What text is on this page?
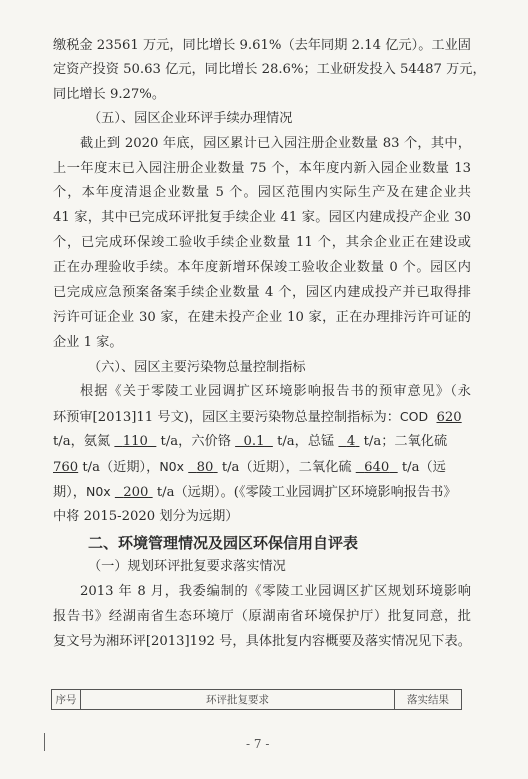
缴税金 23561 万元，同比增长 9.61%（去年同期 2.14 亿元）。工业固
定资产投资 50.63 亿元，同比增长 28.6%；工业研发投入 54487 万元，
同比增长 9.27%。
（五）、园区企业环评手续办理情况
截止到 2020 年底，园区累计已入园注册企业数量 83 个，其中，
上一年度末已入园注册企业数量 75 个，本年度内新入园企业数量 13
个，本年度清退企业数量 5 个。园区范围内实际生产及在建企业共
41 家，其中已完成环评批复手续企业 41 家。园区内建成投产企业 30
个，已完成环保竣工验收手续企业数量 11 个，其余企业正在建设或
正在办理验收手续。本年度新增环保竣工验收企业数量 0 个。园区内
已完成应急预案备案手续企业数量 4 个，园区内建成投产并已取得排
污许可证企业 30 家，在建未投产企业 10 家，正在办理排污许可证的
企业 1 家。
（六）、园区主要污染物总量控制指标
根据《关于零陵工业园调扩区环境影响报告书的预审意见》（永
环预审[2013]11 号文)，园区主要污染物总量控制指标为：COD 620
t/a，氨氮 110 t/a，六价铬 0.1 t/a，总锰 4 t/a；二氧化硫
760 t/a（近期），N0x 80 t/a（近期），二氧化硫 640 t/a（远
期），N0x 200 t/a（远期）。(《零陵工业园调扩区环境影响报告书》
中将 2015-2020 划分为远期）
二、环境管理情况及园区环保信用自评表
（一）规划环评批复要求落实情况
2013 年 8 月，我委编制的《零陵工业园调区扩区规划环境影响
报告书》经湖南省生态环境厅（原湖南省环境保护厅）批复同意，批
复文号为湘环评[2013]192 号，具体批复内容概要及落实情况见下表。
序号	环评批复要求	落实结果
- 7 -
